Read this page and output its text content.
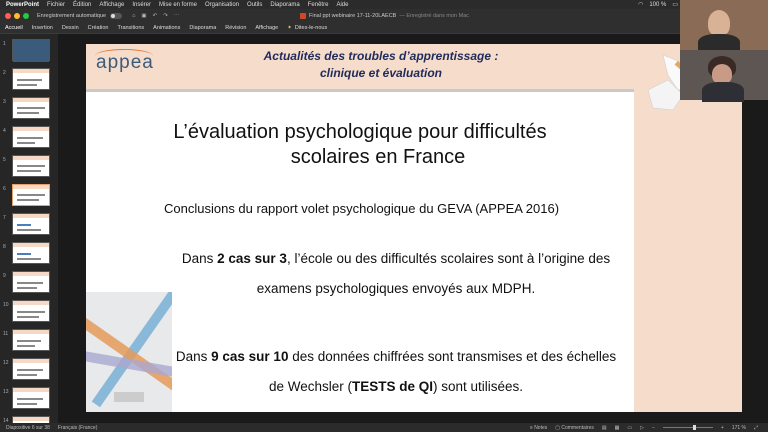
PowerPoint Fichier Édition Affichage Insérer Mise en forme Organisation Outils Diaporama Fenêtre Aide	◠ 100 % ▭
Enregistrement automatique	⌂ ▣ ↶ ↷ ⋯	Final ppt webinaire 17-11-20LAECB — Enregistré dans mon Mac
Accueil Insertion Dessin Création Transitions Animations Diaporama Révision Affichage ✦ Dites-le-nous
1
2
3
4
5
6
7
8
9
10
11
12
13
14
appea	Actualités des troubles d’apprentissage :
clinique et évaluation
L’évaluation psychologique pour difficultés
scolaires en France
Conclusions du rapport volet psychologique du GEVA (APPEA 2016)
Dans 2 cas sur 3, l’école ou des difficultés scolaires sont à l’origine des examens psychologiques envoyés aux MDPH.
Dans 9 cas sur 10 des données chiffrées sont transmises et des échelles de Wechsler (TESTS de QI) sont utilisées.
Diapositive 6 sur 38 Français (France)	≡ Notes ▢ Commentaires ▤ ▦ ▭ ▷ −	+ 171 % ⤢
